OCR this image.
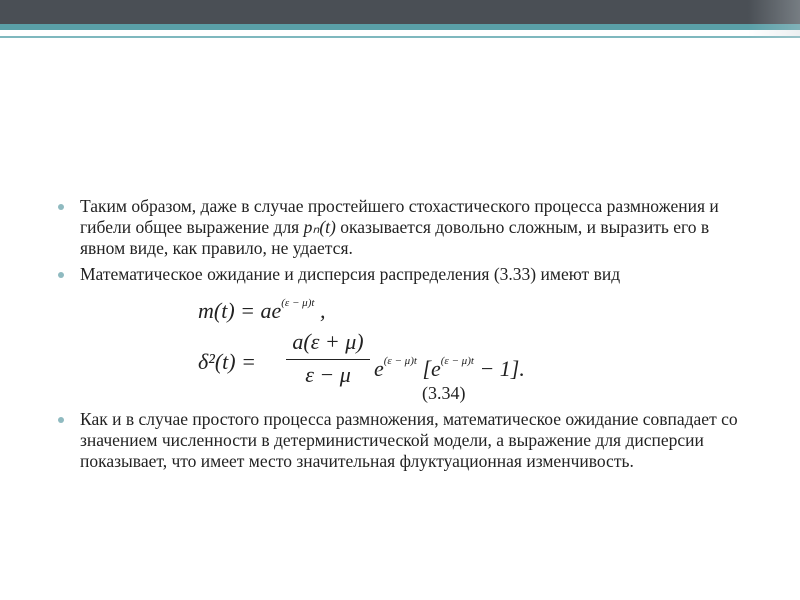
Таким образом, даже в случае простейшего стохастического процесса размножения и гибели общее выражение для pₙ(t) оказывается довольно сложным, и выразить его в явном виде, как правило, не удается.
Математическое ожидание и дисперсия распределения (3.33) имеют вид
$m(t) = ae^{(\varepsilon - \mu)t}$ ,
δ²(t) =
a(ε + μ)
ε − μ	$e^{(\varepsilon - \mu)t}$ $[e^{(\varepsilon - \mu)t} - 1]$.
(3.34)
Как и в случае простого процесса размножения, математическое ожидание совпадает со значением численности в детерминистической модели, а выражение для дисперсии показывает, что имеет место значительная флуктуационная изменчивость.
